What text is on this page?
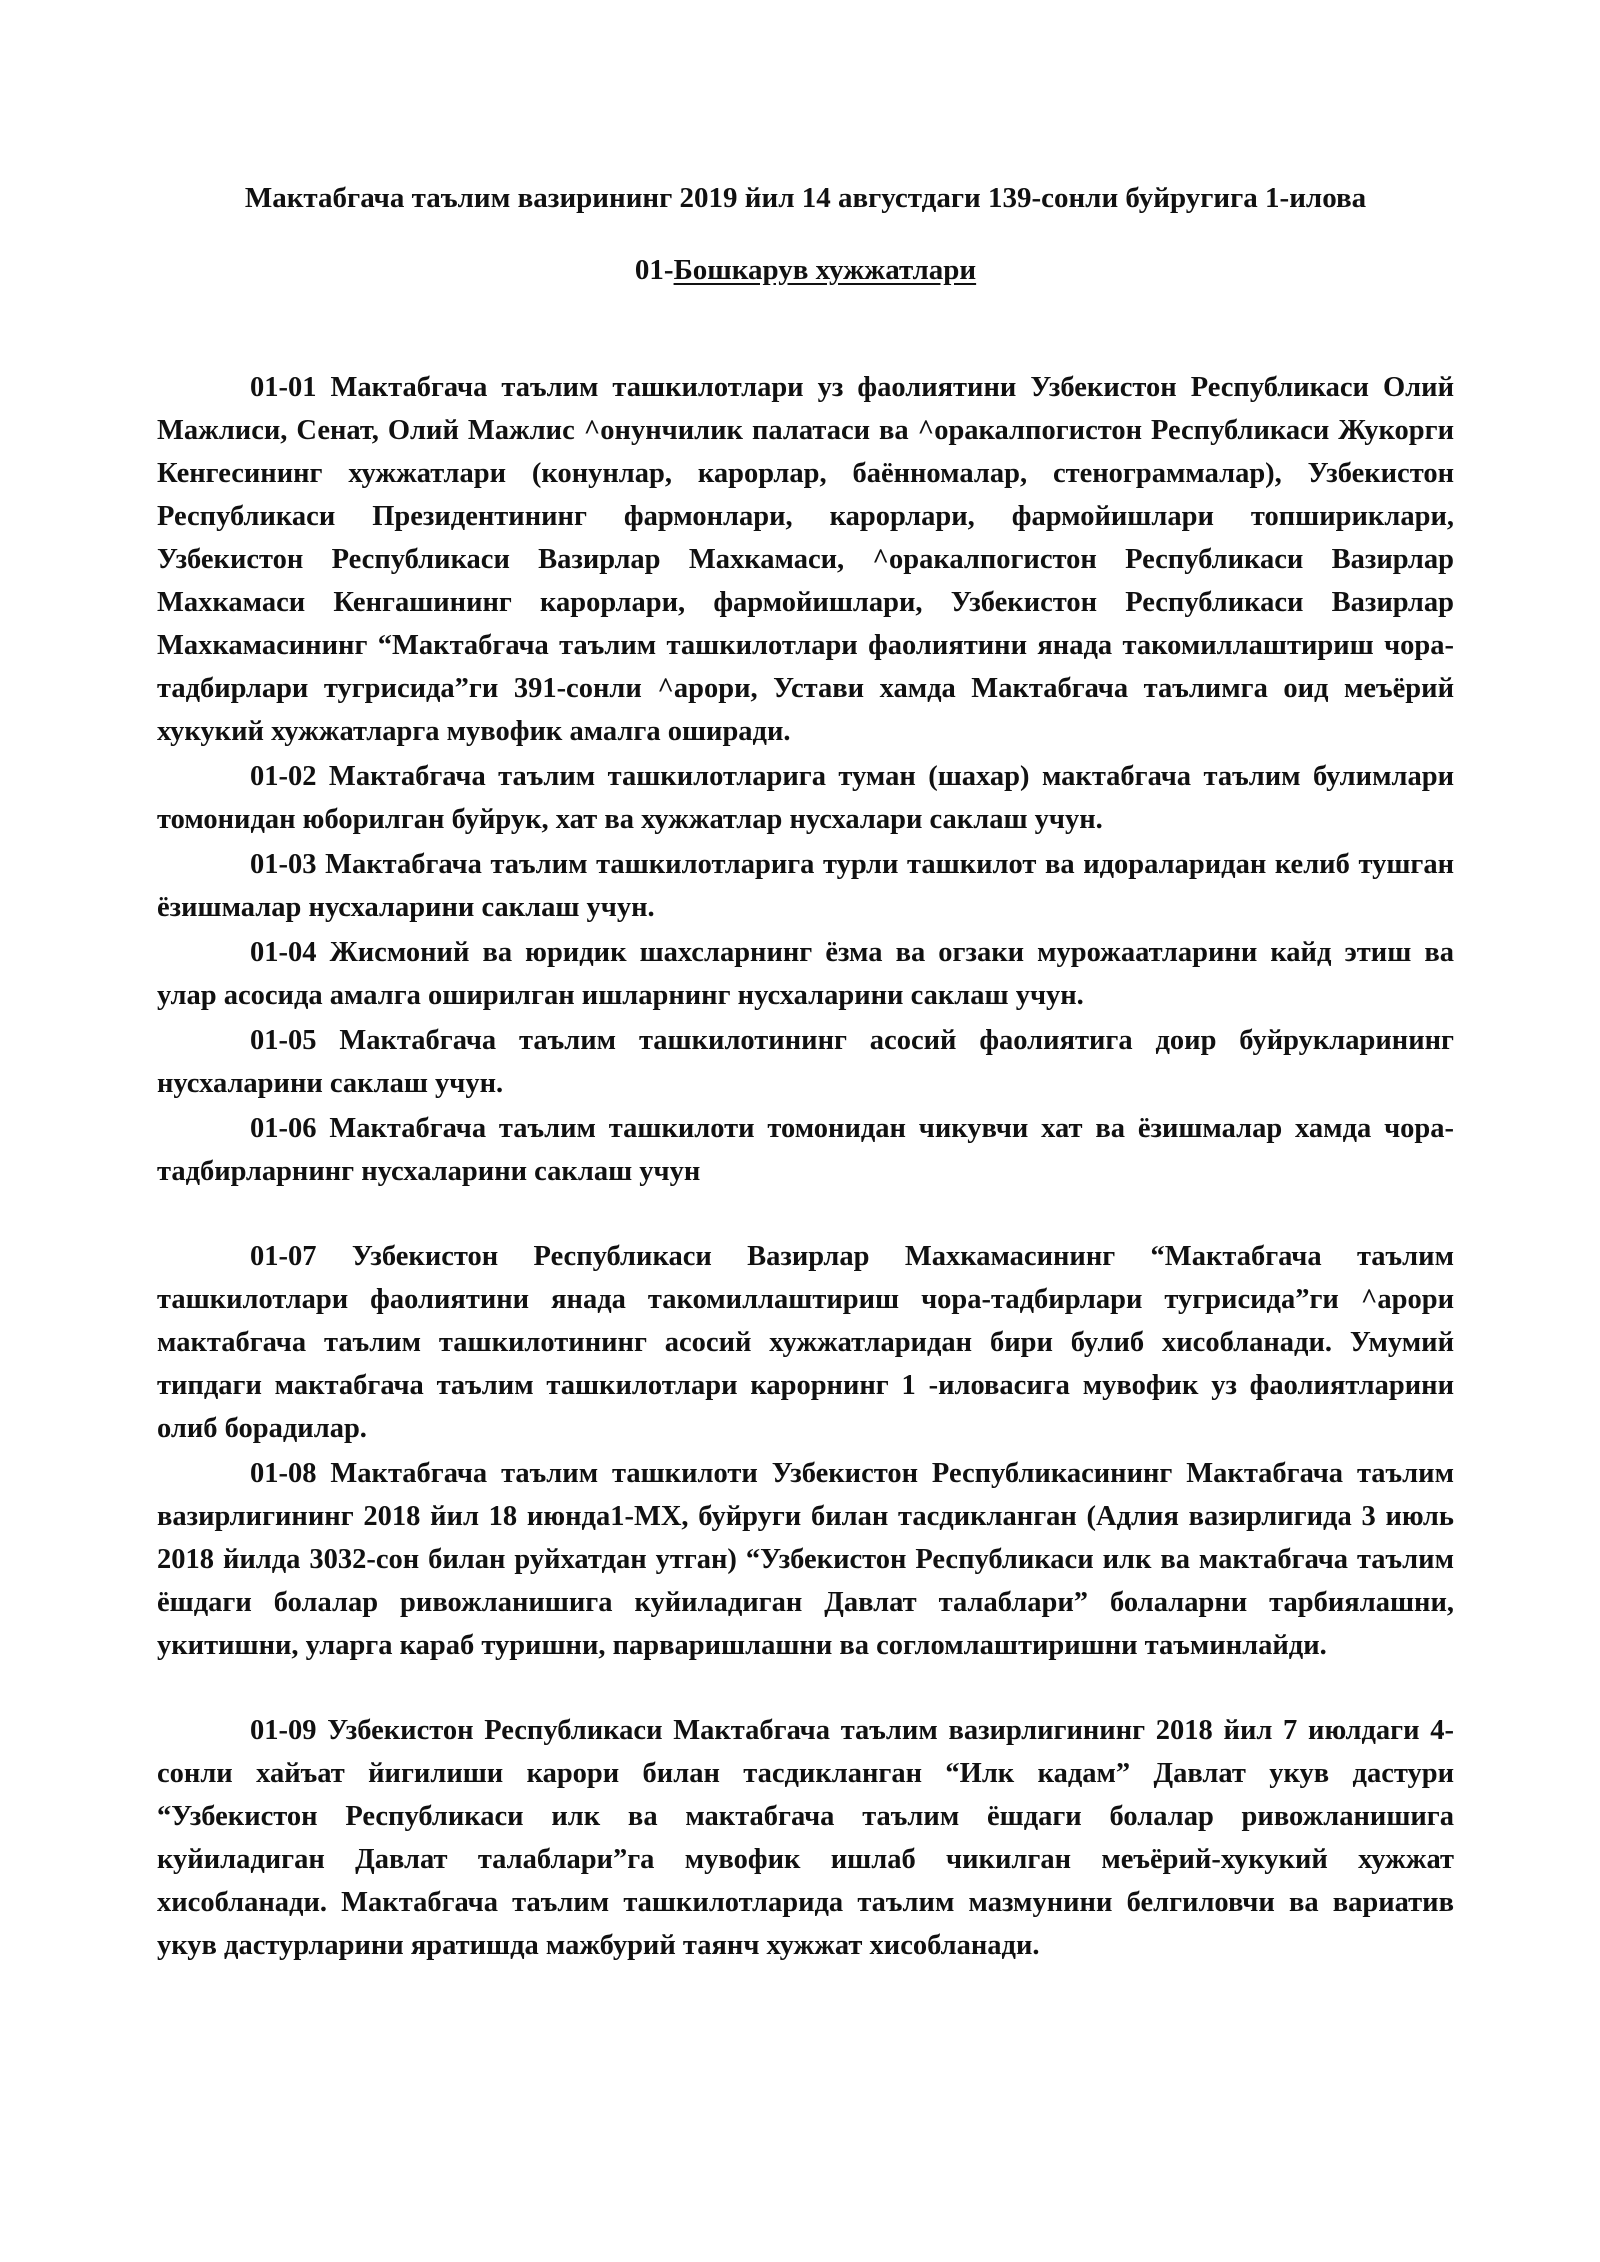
Мактабгача таълим вазирининг 2019 йил 14 августдаги 139-сонли буйругига 1-илова

01-Бошкарув хужжатлари

01-01 Мактабгача таълим ташкилотлари уз фаолиятини Узбекистон Республикаси Олий Мажлиси, Сенат, Олий Мажлис ^онунчилик палатаси ва ^оракалпогистон Республикаси Жукорги Кенгесининг хужжатлари (конунлар, карорлар, баённомалар, стенограммалар), Узбекистон Республикаси Президентининг фармонлари, карорлари, фармойишлари топшириклари, Узбекистон Республикаси Вазирлар Махкамаси, ^оракалпогистон Республикаси Вазирлар Махкамаси Кенгашининг карорлари, фармойишлари, Узбекистон Республикаси Вазирлар Махкамасининг “Мактабгача таълим ташкилотлари фаолиятини янада такомиллаштириш чора-тадбирлари тугрисида”ги 391-сонли ^арори, Устави хамда Мактабгача таълимга оид меъёрий хукукий хужжатларга мувофик амалга оширади.

01-02 Мактабгача таълим ташкилотларига туман (шахар) мактабгача таълим булимлари томонидан юборилган буйрук, хат ва хужжатлар нусхалари саклаш учун.

01-03 Мактабгача таълим ташкилотларига турли ташкилот ва идораларидан келиб тушган ёзишмалар нусхаларини саклаш учун.

01-04 Жисмоний ва юридик шахсларнинг ёзма ва огзаки мурожаатларини кайд этиш ва улар асосида амалга оширилган ишларнинг нусхаларини саклаш учун.

01-05 Мактабгача таълим ташкилотининг асосий фаолиятига доир буйрукларининг нусхаларини саклаш учун.

01-06 Мактабгача таълим ташкилоти томонидан чикувчи хат ва ёзишмалар хамда чора-тадбирларнинг нусхаларини саклаш учун

01-07 Узбекистон Республикаси Вазирлар Махкамасининг “Мактабгача таълим ташкилотлари фаолиятини янада такомиллаштириш чора-тадбирлари тугрисида”ги ^арори мактабгача таълим ташкилотининг асосий хужжатларидан бири булиб хисобланади. Умумий типдаги мактабгача таълим ташкилотлари карорнинг 1 -иловасига мувофик уз фаолиятларини олиб борадилар.

01-08 Мактабгача таълим ташкилоти Узбекистон Республикасининг Мактабгача таълим вазирлигининг 2018 йил 18 июнда1-МХ, буйруги билан тасдикланган (Адлия вазирлигида 3 июль 2018 йилда 3032-сон билан руйхатдан утган) “Узбекистон Республикаси илк ва мактабгача таълим ёшдаги болалар ривожланишига куйиладиган Давлат талаблари” болаларни тарбиялашни, укитишни, уларга караб туришни, парваришлашни ва согломлаштиришни таъминлайди.

01-09 Узбекистон Республикаси Мактабгача таълим вазирлигининг 2018 йил 7 июлдаги 4-сонли хайъат йигилиши карори билан тасдикланган “Илк кадам” Давлат укув дастури “Узбекистон Республикаси илк ва мактабгача таълим ёшдаги болалар ривожланишига куйиладиган Давлат талаблари”га мувофик ишлаб чикилган меъёрий-хукукий хужжат хисобланади. Мактабгача таълим ташкилотларида таълим мазмунини белгиловчи ва вариатив укув дастурларини яратишда мажбурий таянч хужжат хисобланади.
